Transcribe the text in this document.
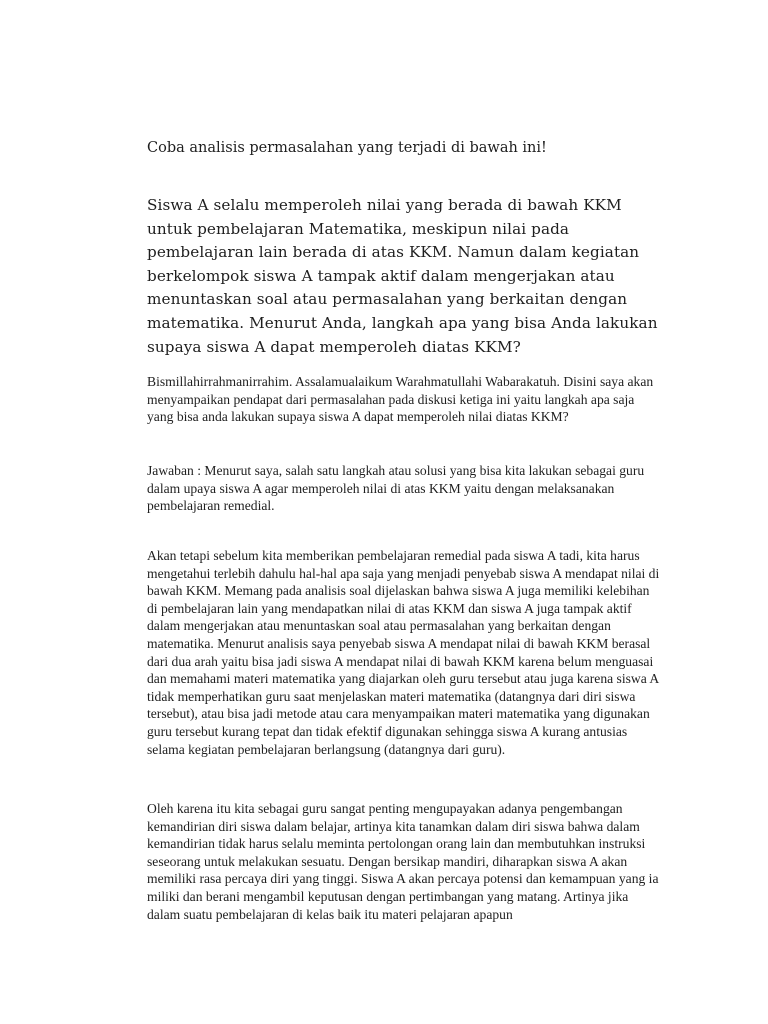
Coba analisis permasalahan yang terjadi di bawah ini!
Siswa A selalu memperoleh nilai yang berada di bawah KKM untuk pembelajaran Matematika, meskipun nilai pada pembelajaran lain berada di atas KKM. Namun dalam kegiatan berkelompok siswa A tampak aktif dalam mengerjakan atau menuntaskan soal atau permasalahan yang berkaitan dengan matematika. Menurut Anda, langkah apa yang bisa Anda lakukan supaya siswa A dapat memperoleh diatas KKM?

Bismillahirrahmanirrahim. Assalamualaikum Warahmatullahi Wabarakatuh. Disini saya akan menyampaikan pendapat dari permasalahan pada diskusi ketiga ini yaitu langkah apa saja yang bisa anda lakukan supaya siswa A dapat memperoleh nilai diatas KKM?

Jawaban : Menurut saya, salah satu langkah atau solusi yang bisa kita lakukan sebagai guru dalam upaya siswa A agar memperoleh nilai di atas KKM yaitu dengan melaksanakan pembelajaran remedial.

Akan tetapi sebelum kita memberikan pembelajaran remedial pada siswa A tadi, kita harus mengetahui terlebih dahulu hal-hal apa saja yang menjadi penyebab siswa A mendapat nilai di bawah KKM. Memang pada analisis soal dijelaskan bahwa siswa A juga memiliki kelebihan di pembelajaran lain yang mendapatkan nilai di atas KKM dan siswa A juga tampak aktif dalam mengerjakan atau menuntaskan soal atau permasalahan yang berkaitan dengan matematika. Menurut analisis saya penyebab siswa A mendapat nilai di bawah KKM berasal dari dua arah yaitu bisa jadi siswa A mendapat nilai di bawah KKM karena belum menguasai dan memahami materi matematika yang diajarkan oleh guru tersebut atau juga karena siswa A tidak memperhatikan guru saat menjelaskan materi matematika (datangnya dari diri siswa tersebut), atau bisa jadi metode atau cara menyampaikan materi matematika yang digunakan guru tersebut kurang tepat dan tidak efektif digunakan sehingga siswa A kurang antusias selama kegiatan pembelajaran berlangsung (datangnya dari guru).

Oleh karena itu kita sebagai guru sangat penting mengupayakan adanya pengembangan kemandirian diri siswa dalam belajar, artinya kita tanamkan dalam diri siswa bahwa dalam kemandirian tidak harus selalu meminta pertolongan orang lain dan membutuhkan instruksi seseorang untuk melakukan sesuatu. Dengan bersikap mandiri, diharapkan siswa A akan memiliki rasa percaya diri yang tinggi. Siswa A akan percaya potensi dan kemampuan yang ia miliki dan berani mengambil keputusan dengan pertimbangan yang matang. Artinya jika dalam suatu pembelajaran di kelas baik itu materi pelajaran apapun
